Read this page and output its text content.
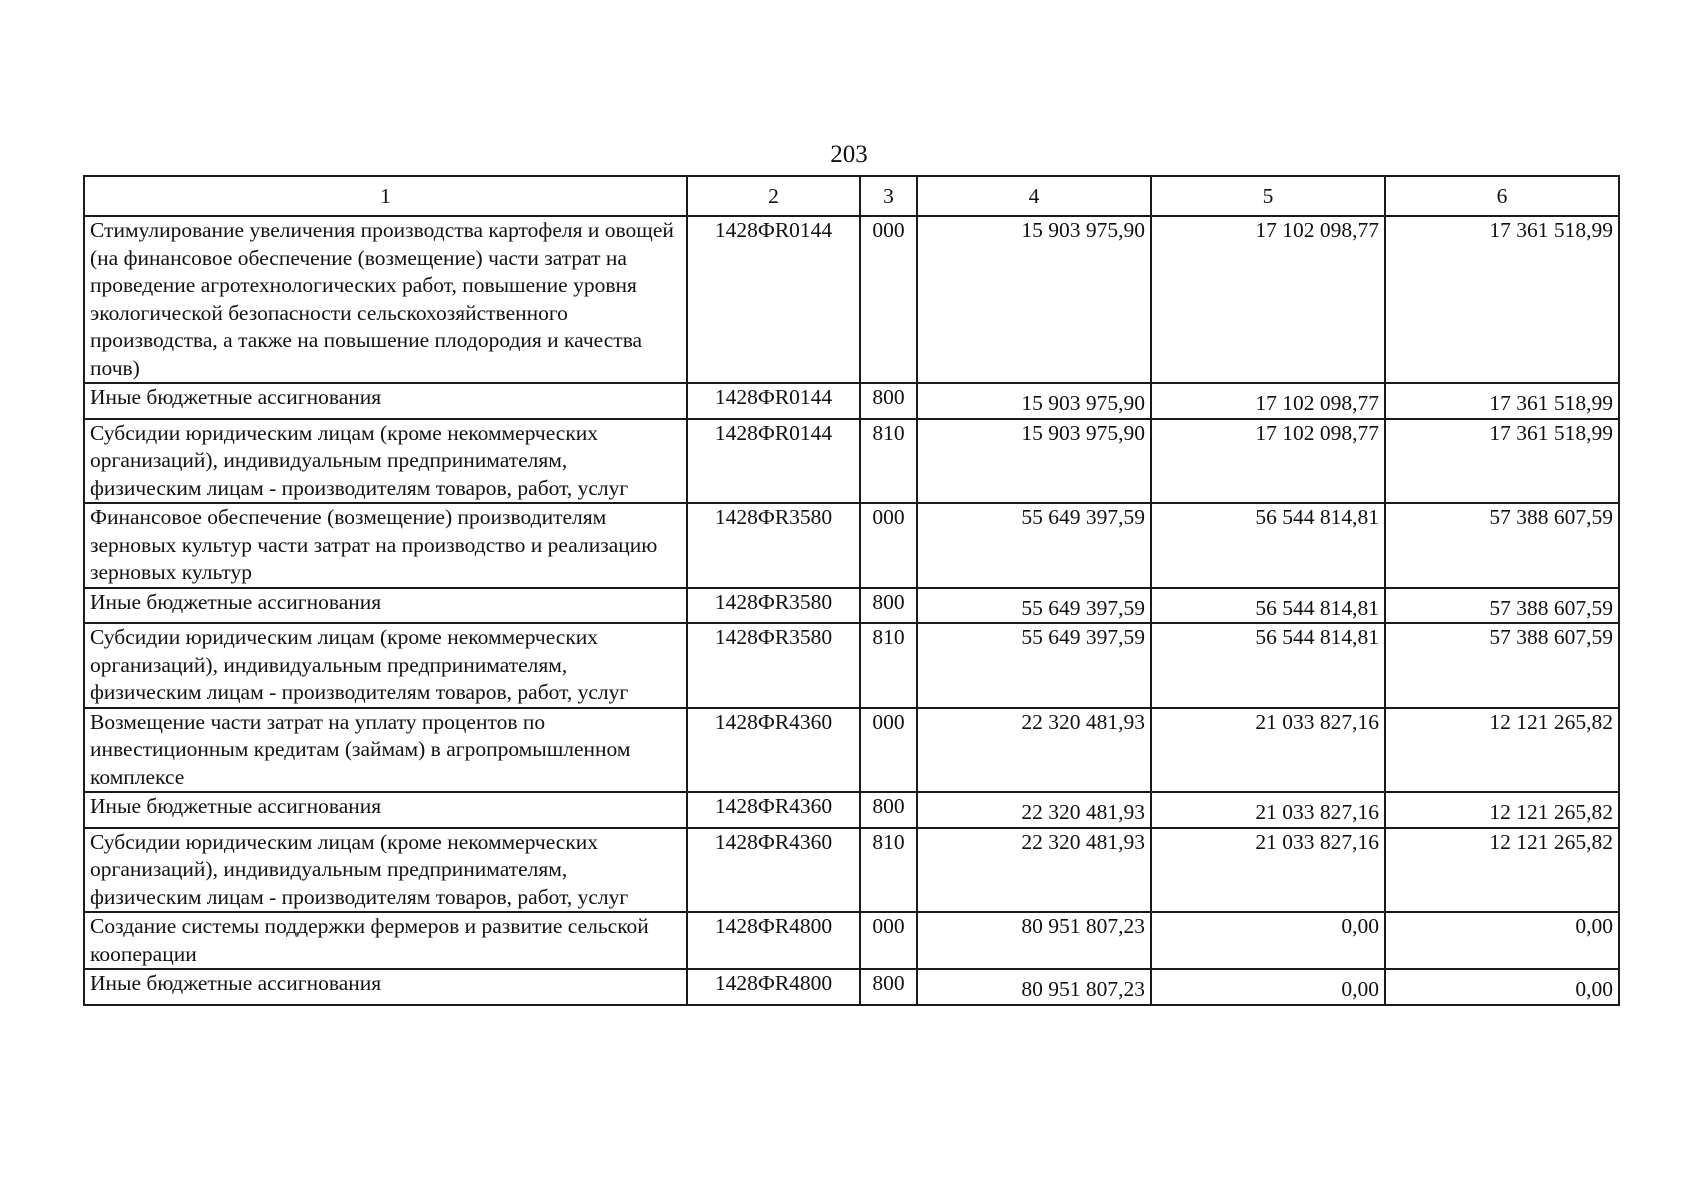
203
1	2	3	4	5	6
Стимулирование увеличения производства картофеля и овощей (на финансовое обеспечение (возмещение) части затрат на проведение агротехнологических работ, повышение уровня экологической безопасности сельскохозяйственного производства, а также на повышение плодородия и качества почв)	1428ФR0144	000	15 903 975,90	17 102 098,77	17 361 518,99
Иные бюджетные ассигнования	1428ФR0144	800	15 903 975,90	17 102 098,77	17 361 518,99
Субсидии юридическим лицам (кроме некоммерческих организаций), индивидуальным предпринимателям, физическим лицам - производителям товаров, работ, услуг	1428ФR0144	810	15 903 975,90	17 102 098,77	17 361 518,99
Финансовое обеспечение (возмещение) производителям зерновых культур части затрат на производство и реализацию зерновых культур	1428ФR3580	000	55 649 397,59	56 544 814,81	57 388 607,59
Иные бюджетные ассигнования	1428ФR3580	800	55 649 397,59	56 544 814,81	57 388 607,59
Субсидии юридическим лицам (кроме некоммерческих организаций), индивидуальным предпринимателям, физическим лицам - производителям товаров, работ, услуг	1428ФR3580	810	55 649 397,59	56 544 814,81	57 388 607,59
Возмещение части затрат на уплату процентов по инвестиционным кредитам (займам) в агропромышленном комплексе	1428ФR4360	000	22 320 481,93	21 033 827,16	12 121 265,82
Иные бюджетные ассигнования	1428ФR4360	800	22 320 481,93	21 033 827,16	12 121 265,82
Субсидии юридическим лицам (кроме некоммерческих организаций), индивидуальным предпринимателям, физическим лицам - производителям товаров, работ, услуг	1428ФR4360	810	22 320 481,93	21 033 827,16	12 121 265,82
Создание системы поддержки фермеров и развитие сельской кооперации	1428ФR4800	000	80 951 807,23	0,00	0,00
Иные бюджетные ассигнования	1428ФR4800	800	80 951 807,23	0,00	0,00
